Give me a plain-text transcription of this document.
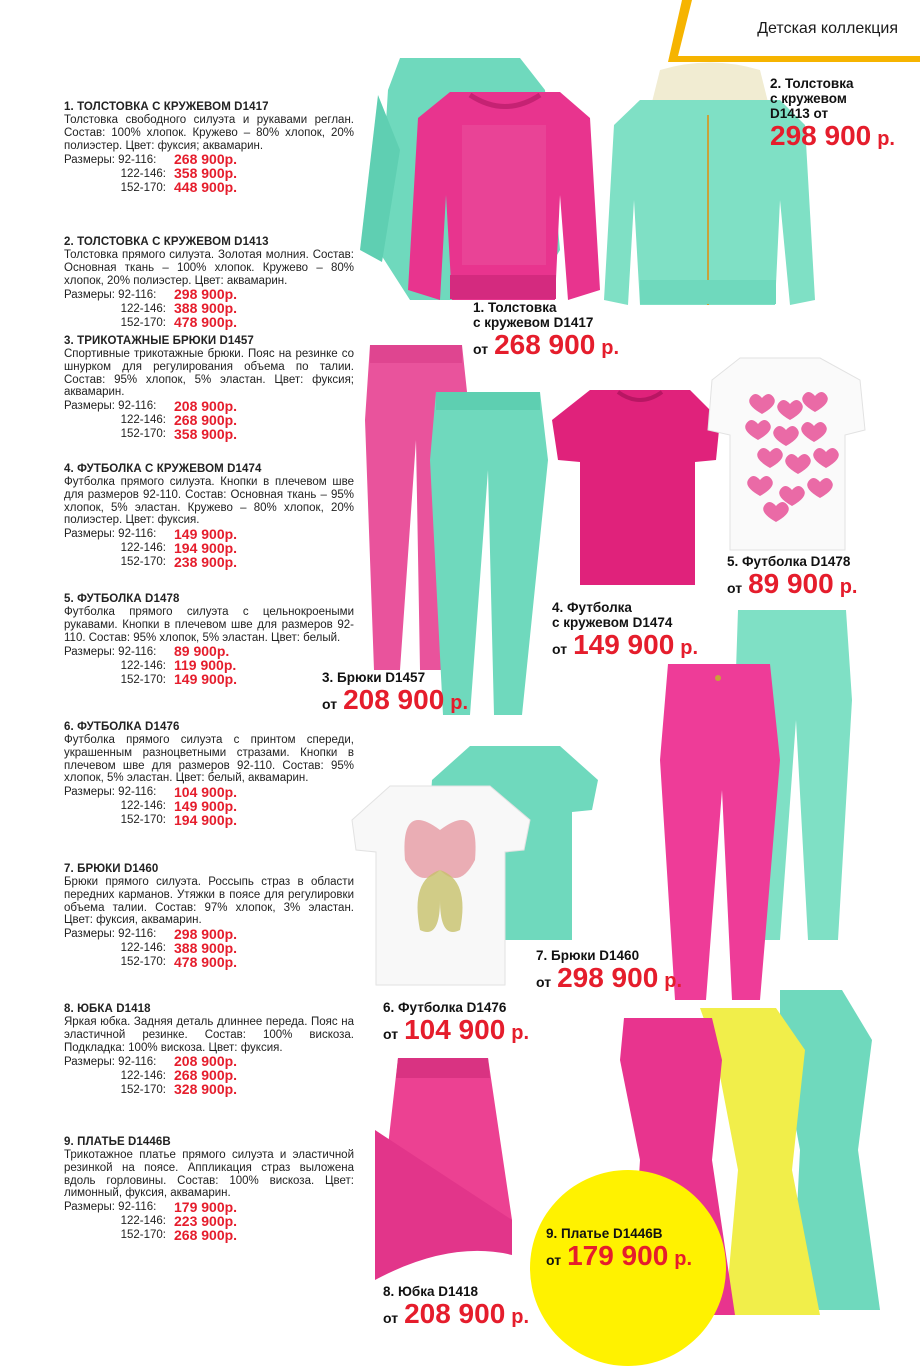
Детская коллекция
1. ТОЛСТОВКА С КРУЖЕВОМ D1417

Толстовка свободного силуэта и рукавами реглан. Состав: 100% хлопок. Кружево – 80% хлопок, 20% полиэстер. Цвет: фуксия; аквамарин.

Размеры: 92-116:	268 900р.
122-146: 358 900р.
152-170: 448 900р.
2. ТОЛСТОВКА С КРУЖЕВОМ D1413

Толстовка прямого силуэта. Золотая молния. Состав: Основная ткань – 100% хлопок. Кружево – 80% хлопок, 20% полиэстер. Цвет: аквамарин.

Размеры: 92-116:	298 900р.
122-146: 388 900р.
152-170: 478 900р.
3. ТРИКОТАЖНЫЕ БРЮКИ D1457

Спортивные трикотажные брюки. Пояс на резинке со шнурком для регулирования объема по талии. Состав: 95% хлопок, 5% эластан. Цвет: фуксия; аквамарин.

Размеры: 92-116:	208 900р.
122-146: 268 900р.
152-170: 358 900р.
4. ФУТБОЛКА С КРУЖЕВОМ D1474

Футболка прямого силуэта. Кнопки в плечевом шве для размеров 92-110. Состав: Основная ткань – 95% хлопок, 5% эластан. Кружево – 80% хлопок, 20% полиэстер. Цвет: фуксия.

Размеры: 92-116:	149 900р.
122-146: 194 900р.
152-170: 238 900р.
5. ФУТБОЛКА D1478

Футболка прямого силуэта с цельнокроеными рукавами. Кнопки в плечевом шве для размеров 92-110. Состав: 95% хлопок, 5% эластан. Цвет: белый.

Размеры: 92-116:	89 900р.
122-146: 119 900р.
152-170: 149 900р.
6. ФУТБОЛКА D1476

Футболка прямого силуэта с принтом спереди, украшенным разноцветными стразами. Кнопки в плечевом шве для размеров 92-110. Состав: 95% хлопок, 5% эластан. Цвет: белый, аквамарин.

Размеры: 92-116:	104 900р.
122-146: 149 900р.
152-170: 194 900р.
7. БРЮКИ D1460

Брюки прямого силуэта. Россыпь страз в области передних карманов. Утяжки в поясе для регулировки объема талии. Состав: 97% хлопок, 3% эластан. Цвет: фуксия, аквамарин.

Размеры: 92-116:	298 900р.
122-146: 388 900р.
152-170: 478 900р.
8. ЮБКА D1418

Яркая юбка. Задняя деталь длиннее переда. Пояс на эластичной резинке. Состав: 100% вискоза. Подкладка: 100% вискоза. Цвет: фуксия.

Размеры: 92-116:	208 900р.
122-146: 268 900р.
152-170: 328 900р.
9. ПЛАТЬЕ D1446B

Трикотажное платье прямого силуэта и эластичной резинкой на поясе. Аппликация страз выложена вдоль горловины. Состав: 100% вискоза. Цвет: лимонный, фуксия, аквамарин.

Размеры: 92-116:	179 900р.
122-146: 223 900р.
152-170: 268 900р.
1. Толстовка
с кружевом D1417
от 268 900 р.
2. Толстовка
с кружевом
D1413 от
298 900 р.
3. Брюки D1457
от 208 900 р.
4. Футболка
с кружевом D1474
от 149 900 р.
5. Футболка D1478
от 89 900 р.
6. Футболка D1476
от 104 900 р.
7. Брюки D1460
от 298 900 р.
8. Юбка D1418
от 208 900 р.
9. Платье D1446B
от 179 900 р.
